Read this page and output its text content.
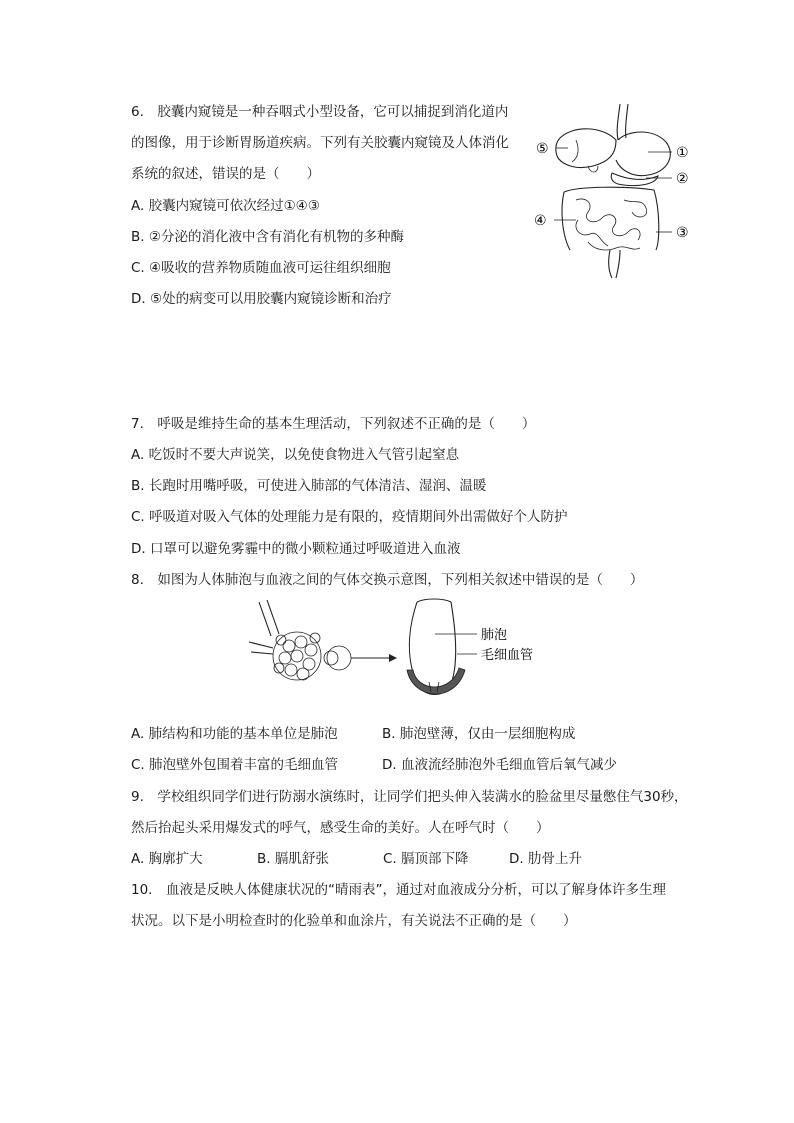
6.　胶囊内窥镜是一种吞咽式小型设备，它可以捕捉到消化道内
的图像，用于诊断胃肠道疾病。下列有关胶囊内窥镜及人体消化
系统的叙述，错误的是（　　）
A. 胶囊内窥镜可依次经过①④③
B. ②分泌的消化液中含有消化有机物的多种酶
C. ④吸收的营养物质随血液可运往组织细胞
D. ⑤处的病变可以用胶囊内窥镜诊断和治疗
①
②
③
④
⑤
7.　呼吸是维持生命的基本生理活动，下列叙述不正确的是（　　）
A. 吃饭时不要大声说笑，以免使食物进入气管引起窒息
B. 长跑时用嘴呼吸，可使进入肺部的气体清洁、湿润、温暖
C. 呼吸道对吸入气体的处理能力是有限的，疫情期间外出需做好个人防护
D. 口罩可以避免雾霾中的微小颗粒通过呼吸道进入血液
8.　如图为人体肺泡与血液之间的气体交换示意图，下列相关叙述中错误的是（　　）
肺泡
毛细血管
A. 肺结构和功能的基本单位是肺泡	B. 肺泡壁薄，仅由一层细胞构成
C. 肺泡壁外包围着丰富的毛细血管	D. 血液流经肺泡外毛细血管后氧气减少
9.　学校组织同学们进行防溺水演练时，让同学们把头伸入装满水的脸盆里尽量憋住气30秒，
然后抬起头采用爆发式的呼气，感受生命的美好。人在呼气时（　　）
A. 胸廓扩大	B. 膈肌舒张	C. 膈顶部下降	D. 肋骨上升
10.　血液是反映人体健康状况的“晴雨表”，通过对血液成分分析，可以了解身体许多生理
状况。以下是小明检查时的化验单和血涂片，有关说法不正确的是（　　）
